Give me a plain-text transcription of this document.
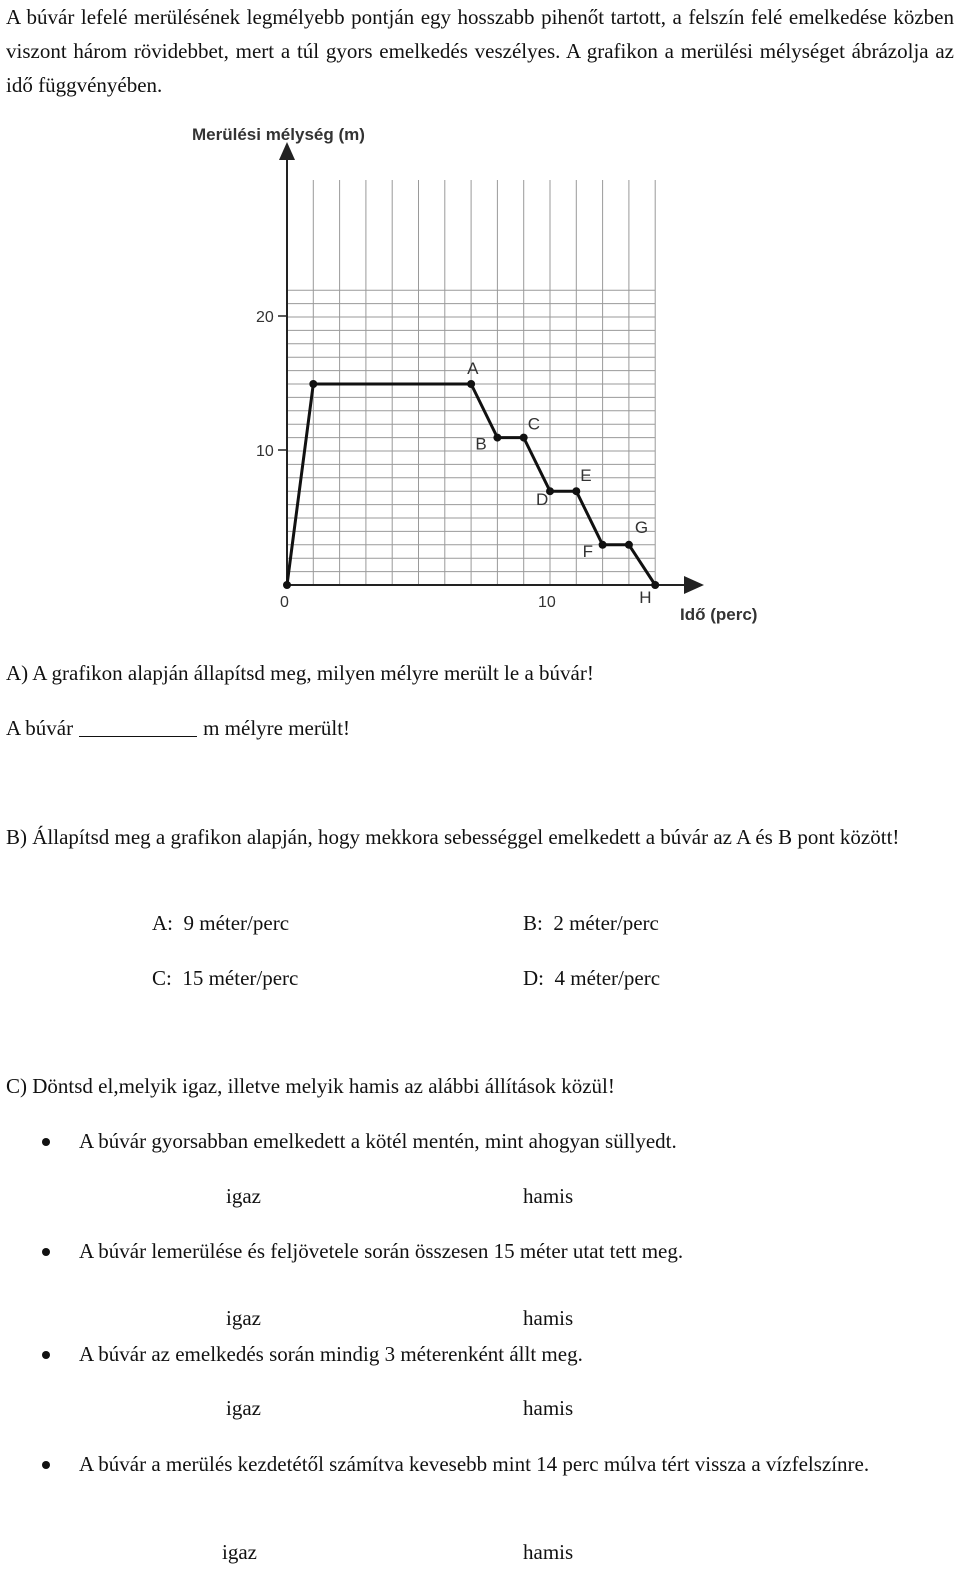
A búvár lefelé merülésének legmélyebb pontján egy hosszabb pihenőt tartott, a felszín felé emelkedése közben viszont három rövidebbet, mert a túl gyors emelkedés veszélyes. A grafikon a merülési mélységet ábrázolja az idő függvényében.
Merülési mélység (m)
Idő (perc)
0	10
10
20
A
B
C
D
E
F
G
H
A) A grafikon alapján állapítsd meg, milyen mélyre merült le a búvár!
A búvár	m mélyre merült!
B) Állapítsd meg a grafikon alapján, hogy mekkora sebességgel emelkedett a búvár az A és B pont között!
A: 9 méter/perc	B: 2 méter/perc
C: 15 méter/perc	D: 4 méter/perc
C) Döntsd el,melyik igaz, illetve melyik hamis az alábbi állítások közül!
A búvár gyorsabban emelkedett a kötél mentén, mint ahogyan süllyedt.
igaz	hamis
A búvár lemerülése és feljövetele során összesen 15 méter utat tett meg.
igaz	hamis
A búvár az emelkedés során mindig 3 méterenként állt meg.
igaz	hamis
A búvár a merülés kezdetétől számítva kevesebb mint 14 perc múlva tért vissza a vízfelszínre.
igaz	hamis
